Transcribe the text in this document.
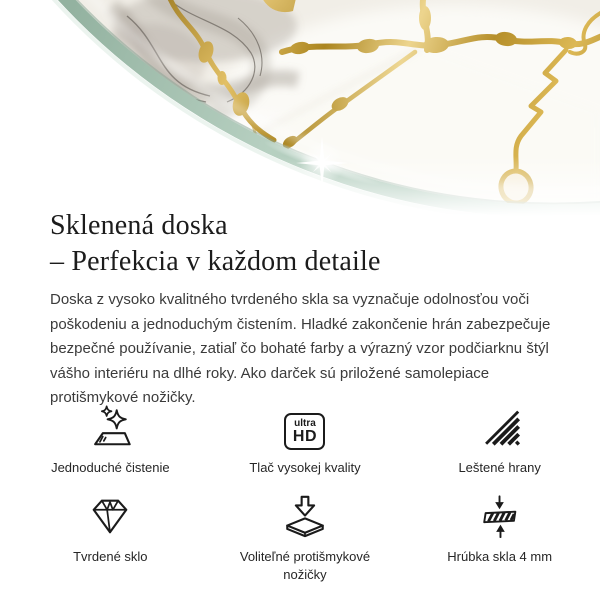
Sklenená doska
– Perfekcia v každom detaile

Doska z vysoko kvalitného tvrdeného skla sa vyznačuje odolnosťou voči poškodeniu a jednoduchým čistením. Hladké zakončenie hrán zabezpečuje bezpečné používanie, zatiaľ čo bohaté farby a výrazný vzor podčiarknu štýl vášho interiéru na dlhé roky. Ako darček sú priložené samolepiace protišmykové nožičky.

Jednoduché čistenie
ultra
HD
Tlač vysokej kvality	Leštené hrany
Tvrdené sklo	Voliteľné protišmykové nožičky
Hrúbka skla 4 mm
